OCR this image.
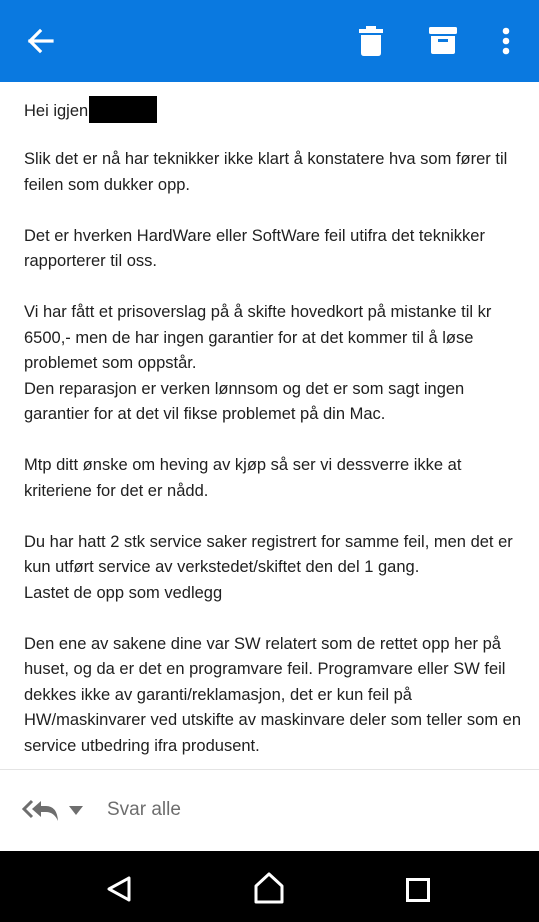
Hei igjen

Slik det er nå har teknikker ikke klart å konstatere hva som fører til feilen som dukker opp.

Det er hverken HardWare eller SoftWare feil utifra det teknikker rapporterer til oss.

Vi har fått et prisoverslag på å skifte hovedkort på mistanke til kr 6500,- men de har ingen garantier for at det kommer til å løse problemet som oppstår.
Den reparasjon er verken lønnsom og det er som sagt ingen garantier for at det vil fikse problemet på din Mac.

Mtp ditt ønske om heving av kjøp så ser vi dessverre ikke at kriteriene for det er nådd.

Du har hatt 2 stk service saker registrert for samme feil, men det er kun utført service av verkstedet/skiftet den del 1 gang.
Lastet de opp som vedlegg

Den ene av sakene dine var SW relatert som de rettet opp her på huset, og da er det en programvare feil. Programvare eller SW feil dekkes ikke av garanti/reklamasjon, det er kun feil på HW/maskinvarer ved utskifte av maskinvare deler som teller som en service utbedring ifra produsent.

Svar alle
